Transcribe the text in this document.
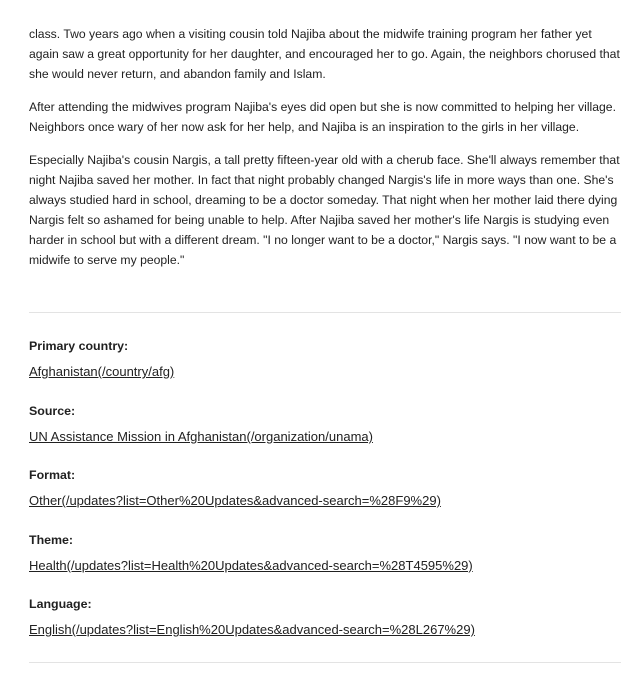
class. Two years ago when a visiting cousin told Najiba about the midwife training program her father yet again saw a great opportunity for her daughter, and encouraged her to go. Again, the neighbors chorused that she would never return, and abandon family and Islam.

After attending the midwives program Najiba's eyes did open but she is now committed to helping her village. Neighbors once wary of her now ask for her help, and Najiba is an inspiration to the girls in her village.

Especially Najiba's cousin Nargis, a tall pretty fifteen-year old with a cherub face. She'll always remember that night Najiba saved her mother. In fact that night probably changed Nargis's life in more ways than one. She's always studied hard in school, dreaming to be a doctor someday. That night when her mother laid there dying Nargis felt so ashamed for being unable to help. After Najiba saved her mother's life Nargis is studying even harder in school but with a different dream. "I no longer want to be a doctor," Nargis says. "I now want to be a midwife to serve my people."

Primary country:
Afghanistan(/country/afg)
Source:
UN Assistance Mission in Afghanistan(/organization/unama)
Format:
Other(/updates?list=Other%20Updates&advanced-search=%28F9%29)
Theme:
Health(/updates?list=Health%20Updates&advanced-search=%28T4595%29)
Language:
English(/updates?list=English%20Updates&advanced-search=%28L267%29)
